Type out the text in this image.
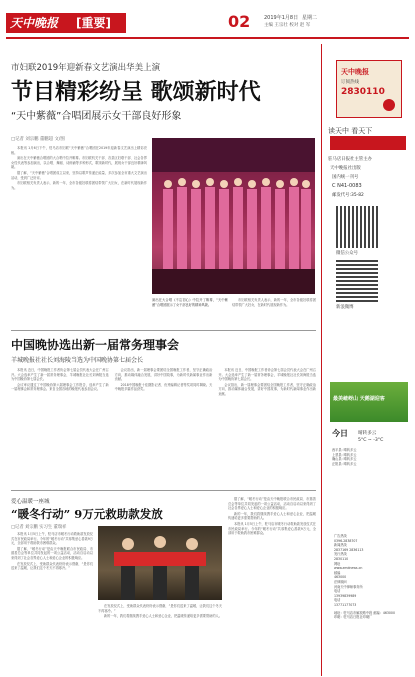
天中晚报	[重要]	02	2019年1月8日 星期二
主编 王宗壮 校对 赵 军
市妇联2019年迎新春文艺演出华美上演
节目精彩纷呈 歌颂新时代
“天中紫薇”合唱团展示女干部良好形象
□记者 刘宗鹏 董鹏超 文/图

本报讯 1月6日下午，驻马店市妇联“天中紫薇”合唱团在2019年迎新春文艺演出上精彩亮相。

演出在天中紫薇合唱团的大合唱中拉开帷幕。市妇联机关干部、各县区妇联干部、社会各界女性代表等参加演出，以合唱、舞蹈、诗朗诵等多种形式，歌颂新时代，展现女干部良好精神风貌。

据了解，“天中紫薇”合唱团成立以来，坚持以歌声传递正能量，多次参加全市重大文艺演出活动，受到广泛好评。

市妇联相关负责人表示，新的一年，全市各级妇联将团结带领广大妇女，在新时代展现新作为。

演出在大合唱《不忘初心》中拉开了帷幕，“天中紫薇”合唱团展示了女干部良好的精神风貌。

市妇联相关负责人表示，新的一年，全市各级妇联将团结带领广大妇女，在新时代展现新作为。

中国晚协选出新一届常务理事会
羊城晚报社社长刘海陵当选为中国晚协第七届会长

本报讯 近日，中国晚报工作者协会第七届会员代表大会在广州召开。大会选举产生了新一届常务理事会，羊城晚报社社长刘海陵当选为中国晚协第七届会长。

会议审议通过了中国晚协第六届理事会工作报告，选举产生了新一届理事会和常务理事会。来自全国各地的晚报代表参加会议。

会议指出，新一届理事会要团结全国晚报工作者，坚守正确政治方向，推动媒体融合发展，讲好中国故事，为新时代新闻事业作出新贡献。

2018中国晚报十佳摄影记者、优秀编辑记者等奖项同时揭晓。天中晚报多篇作品获奖。

本报讯 近日，中国晚报工作者协会第七届会员代表大会在广州召开。大会选举产生了新一届常务理事会，羊城晚报社社长刘海陵当选为中国晚协第七届会长。

会议指出，新一届理事会要团结全国晚报工作者，坚守正确政治方向，推动媒体融合发展，讲好中国故事，为新时代新闻事业作出新贡献。

爱心温暖一座城
“暖冬行动” 9万元救助款发放
□记者 刘宗鹏 实习生 董瑞祥

本报讯 1月5日上午，驻马店市暖冬行动救助款发放仪式在市民政局举行。今年的“暖冬行动”共募集爱心善款9万元，全部用于救助我市困难群众。

据了解，“暖冬行动”是由天中晚报联合市民政局、市慈善总会等单位共同发起的一项公益活动，活动自启动以来得到了社会各界爱心人士和爱心企业的积极响应。

在发放仪式上，受助群众代表纷纷表示感谢，“是你们送来了温暖，让我们这个冬天不再寒冷。”

在发放仪式上，受助群众代表纷纷表示感谢，“是你们送来了温暖，让我们这个冬天不再寒冷。”

新的一年，我们将继续携手爱心人士和爱心企业，把温暖传递给更多需要帮助的人。

据了解，“暖冬行动”是由天中晚报联合市民政局、市慈善总会等单位共同发起的一项公益活动，活动自启动以来得到了社会各界爱心人士和爱心企业的积极响应。

新的一年，我们将继续携手爱心人士和爱心企业，把温暖传递给更多需要帮助的人。

本报讯 1月5日上午，驻马店市暖冬行动救助款发放仪式在市民政局举行。今年的“暖冬行动”共募集爱心善款9万元，全部用于救助我市困难群众。

天中晚报
订阅热线
2830110
读天中 看天下
驻马店日报社主管主办
天中晚报社出版
国内统一刊号
C N41-0083
邮发代号:35-82
微信公众号
新浪微博
最美嵖岈山 天鹅湖迎客
今日 晴转多云
5°C ~ -3°C
西平县: 晴转多云
上蔡县: 晴转多云
确山县: 晴转多云
正阳县: 晴转多云
广告热线
0396-2838707
新闻热线
2837169 2836113
发行热线
2830110
网址
www.zmdnews.cn
邮编
463000
法律顾问
河南天中律师事务所
电话
13939839989
电话
13771177073
地址：驻马店市解放路中段 邮编：463000
印刷：驻马店日报社印刷厂
